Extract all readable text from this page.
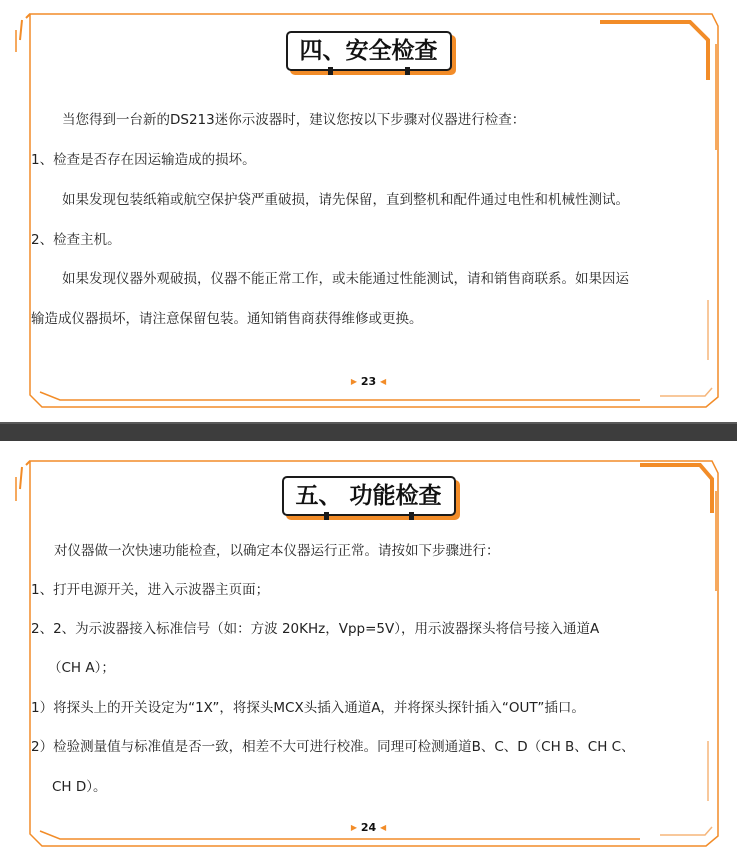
四、安全检查
当您得到一台新的DS213迷你示波器时，建议您按以下步骤对仪器进行检查：
1、检查是否存在因运输造成的损坏。
如果发现包装纸箱或航空保护袋严重破损，请先保留，直到整机和配件通过电性和机械性测试。
2、检查主机。
如果发现仪器外观破损，仪器不能正常工作，或未能通过性能测试，请和销售商联系。如果因运
输造成仪器损坏，请注意保留包装。通知销售商获得维修或更换。
▶ 23 ◀
五、 功能检查
对仪器做一次快速功能检查，以确定本仪器运行正常。请按如下步骤进行：
1、打开电源开关，进入示波器主页面；
2、2、为示波器接入标准信号（如：方波 20KHz，Vpp=5V），用示波器探头将信号接入通道A
（CH A）；
1）将探头上的开关设定为“1X”，将探头MCX头插入通道A，并将探头探针插入“OUT”插口。
2）检验测量值与标准值是否一致，相差不大可进行校准。同理可检测通道B、C、D（CH B、CH C、
CH D）。
▶ 24 ◀
